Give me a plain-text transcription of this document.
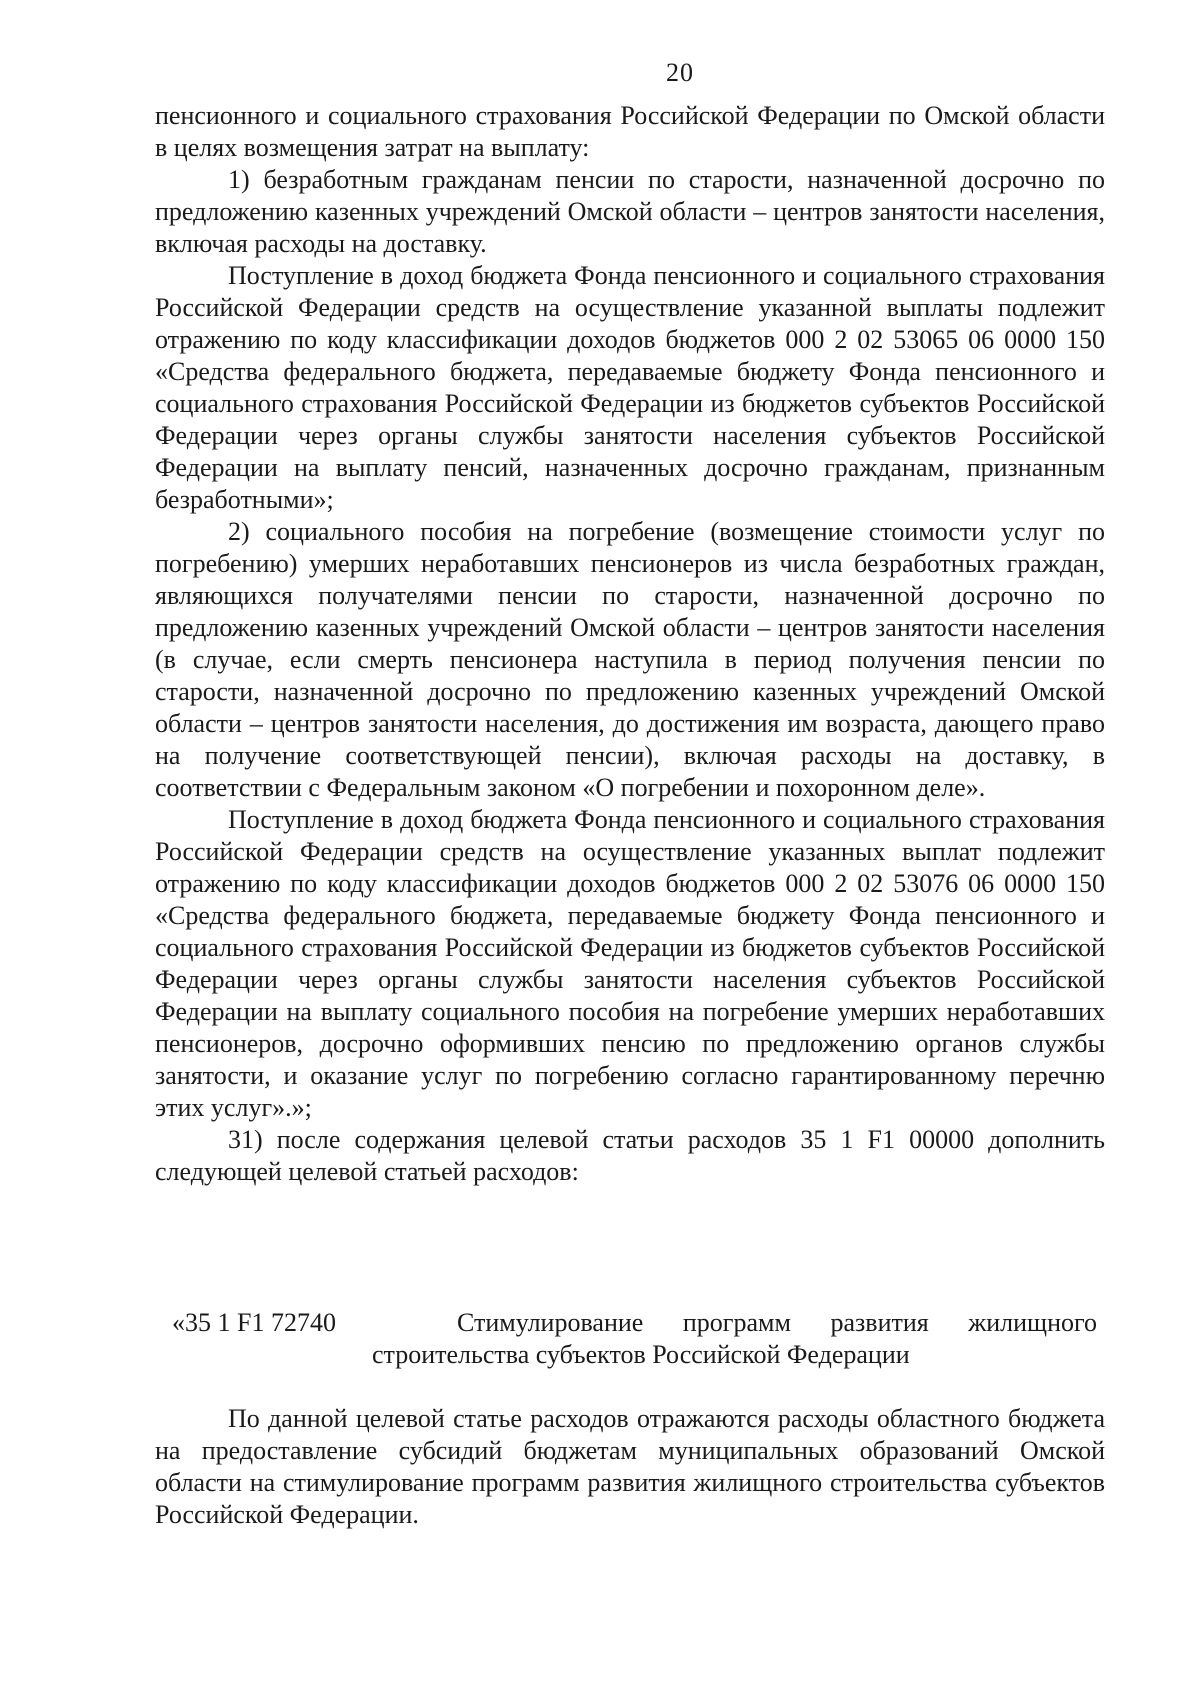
20

пенсионного и социального страхования Российской Федерации по Омской области в целях возмещения затрат на выплату:

1) безработным гражданам пенсии по старости, назначенной досрочно по предложению казенных учреждений Омской области – центров занятости населения, включая расходы на доставку.

Поступление в доход бюджета Фонда пенсионного и социального страхования Российской Федерации средств на осуществление указанной выплаты подлежит отражению по коду классификации доходов бюджетов 000 2 02 53065 06 0000 150 «Средства федерального бюджета, передаваемые бюджету Фонда пенсионного и социального страхования Российской Федерации из бюджетов субъектов Российской Федерации через органы службы занятости населения субъектов Российской Федерации на выплату пенсий, назначенных досрочно гражданам, признанным безработными»;

2) социального пособия на погребение (возмещение стоимости услуг по погребению) умерших неработавших пенсионеров из числа безработных граждан, являющихся получателями пенсии по старости, назначенной досрочно по предложению казенных учреждений Омской области – центров занятости населения (в случае, если смерть пенсионера наступила в период получения пенсии по старости, назначенной досрочно по предложению казенных учреждений Омской области – центров занятости населения, до достижения им возраста, дающего право на получение соответствующей пенсии), включая расходы на доставку, в соответствии с Федеральным законом «О погребении и похоронном деле».

Поступление в доход бюджета Фонда пенсионного и социального страхования Российской Федерации средств на осуществление указанных выплат подлежит отражению по коду классификации доходов бюджетов 000 2 02 53076 06 0000 150 «Средства федерального бюджета, передаваемые бюджету Фонда пенсионного и социального страхования Российской Федерации из бюджетов субъектов Российской Федерации через органы службы занятости населения субъектов Российской Федерации на выплату социального пособия на погребение умерших неработавших пенсионеров, досрочно оформивших пенсию по предложению органов службы занятости, и оказание услуг по погребению согласно гарантированному перечню этих услуг».»;

31) после содержания целевой статьи расходов 35 1 F1 00000 дополнить следующей целевой статьей расходов:

«35 1 F1 72740	Стимулирование программ развития жилищного строительства субъектов Российской Федерации

По данной целевой статье расходов отражаются расходы областного бюджета на предоставление субсидий бюджетам муниципальных образований Омской области на стимулирование программ развития жилищного строительства субъектов Российской Федерации.
